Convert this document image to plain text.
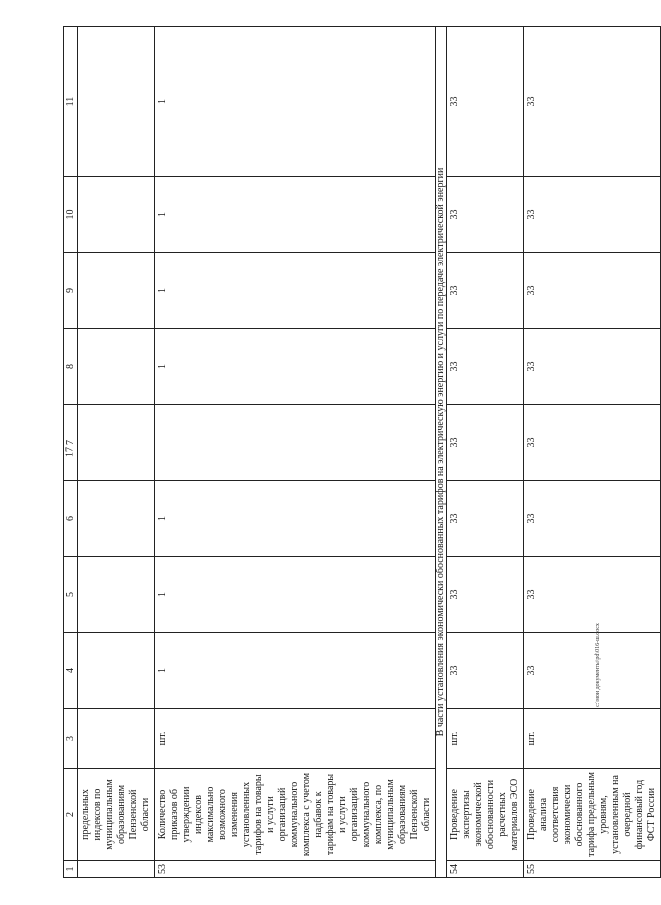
17
1	2	3	4	5	6	7	8	9	10	11
	предельных индексов по муниципальным образованиям Пензенской области									
53	Количество приказов об утверждении индексов максимально возможного изменения установленных тарифов на товары и услуги организаций коммунального комплекса с учетом надбавок к тарифам на товары и услуги организаций коммунального комплекса, по муниципальным образованиям Пензенской области	шт.	1	1	1		1	1	1	1
В части установления экономически обоснованных тарифов на электрическую энергию и услуги по передаче электрической энергии										
54	Проведение экспертизы экономической обоснованности расчетных материалов ЭСО	шт.	33	33	33	33	33	33	33	33
55	Проведение анализа соответствия экономически обоснованного тарифа предельным уровням, установленным на очередной финансовый год ФСТ России	шт.	33	33	33	33	33	33	33	33
c:\мои документы\pd\016-ш.docx
